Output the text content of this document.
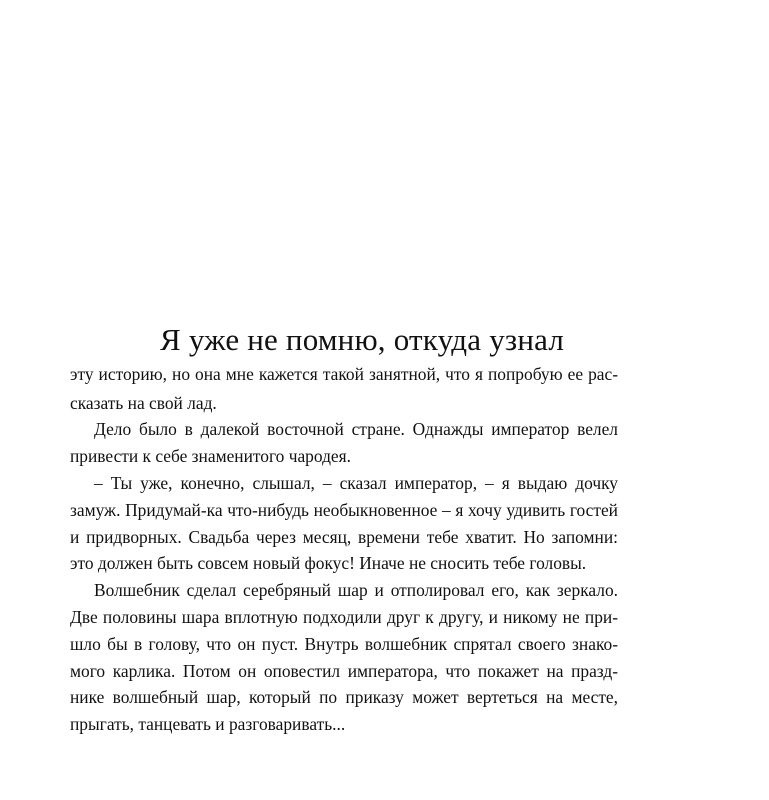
Я уже не помню, откуда узнал
эту историю, но она мне кажется такой занятной, что я попробую ее рас-
сказать на свой лад.
Дело было в далекой восточной стране. Однажды император велел
привести к себе знаменитого чародея.
– Ты уже, конечно, слышал, – сказал император, – я выдаю дочку
замуж. Придумай-ка что-нибудь необыкновенное – я хочу удивить гостей
и придворных. Свадьба через месяц, времени тебе хватит. Но запомни:
это должен быть совсем новый фокус! Иначе не сносить тебе головы.
Волшебник сделал серебряный шар и отполировал его, как зеркало.
Две половины шара вплотную подходили друг к другу, и никому не при-
шло бы в голову, что он пуст. Внутрь волшебник спрятал своего знако-
мого карлика. Потом он оповестил императора, что покажет на празд-
нике волшебный шар, который по приказу может вертеться на месте,
прыгать, танцевать и разговаривать...
